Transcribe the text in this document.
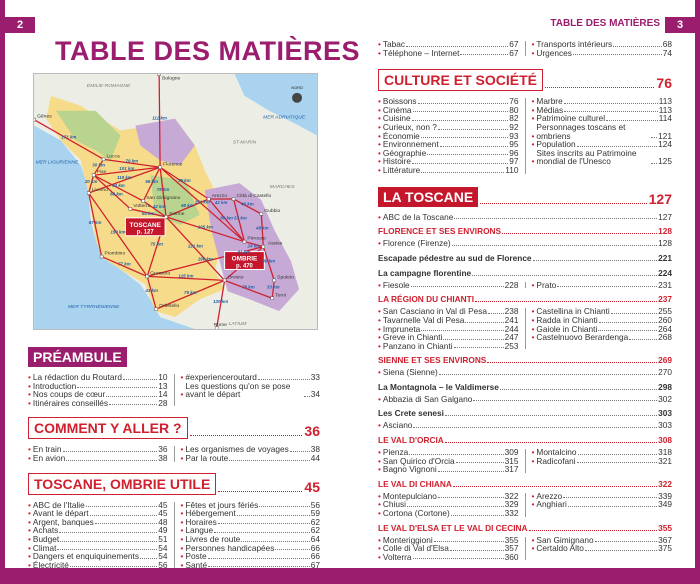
2	3
TABLE DES MATIÈRES
TABLE DES MATIÈRES
TOSCANE
p. 127
OMBRIE
p. 470
NORD
ÉMILIE-ROMAGNE
ST-MARIN
MARCHES
LATIUM
MER LIGURIENNE
MER ADRIATIQUE
MER TYRRHÉNIENNE
Lucca
Florence
Pise
Livorno
San Gimignano
Volterra
Sienne
Arezzo Città di Castello
Gubbio
Pérouse
Assise
Piombino
Grosseto
Orvieto	Spoleto
Terni
Orbetello
Gênes
Bologne
Rome
171 km
79 km
101 km
30 km
20 km
112 km
94 km
118 km
68 km
56 km
78 km
75 km
151 km
68 km
42 km
54 km
42 km
80 km 53 km
40 km
24 km
48 km
105 km
121 km
150 km
87 km
77 km
75 km
196 km
125 km
91 km
43 km	79 km
76 km
46 km
33 km
120 km
PRÉAMBULE
• La rédaction du Routard	10
• Introduction	13
• Nos coups de cœur	14
• Itinéraires conseillés	28
• #experienceroutard	33
•
Les questions qu'on se pose avant le départ	34
COMMENT Y ALLER ?	36
• En train	36
• En avion	38
• Les organismes de voyages	38
• Par la route	44
TOSCANE, OMBRIE UTILE	45
• ABC de l'Italie	45
• Avant le départ	45
• Argent, banques	48
• Achats	49
• Budget	51
• Climat	54
• Dangers et enquiquinements 54
• Électricité	56
• Fêtes et jours fériés	56
• Hébergement	59
• Horaires	62
• Langue	62
• Livres de route	64
• Personnes handicapées	66
• Poste	66
• Santé	67
• Tabac	67
• Téléphone – Internet	67
• Transports intérieurs	68
• Urgences	74
CULTURE ET SOCIÉTÉ	76
• Boissons	76
• Cinéma	80
• Cuisine	82
• Curieux, non ?	92
• Économie	93
• Environnement	95
• Géographie	96
• Histoire	97
• Littérature	110
• Marbre	113
• Médias	113
• Patrimoine culturel	114
•
Personnages toscans et ombriens	121
• Population	124
•
Sites inscrits au Patrimoine mondial de l'Unesco	125
LA TOSCANE	127
• ABC de la Toscane	127
FLORENCE ET SES ENVIRONS	128
• Florence (Firenze)	128
Escapade pédestre au sud de Florence	221
La campagne florentine	224
• Fiesole	228 • Prato	231
LA RÉGION DU CHIANTI	237
• San Casciano in Val di Pesa 238
• Tavarnelle Val di Pesa	241
• Impruneta	244
• Greve in Chianti	247
• Panzano in Chianti	253
• Castellina in Chianti	255
• Radda in Chianti	260
• Gaiole in Chianti	264
• Castelnuovo Berardenga	268
SIENNE ET SES ENVIRONS	269
• Siena (Sienne)	270
La Montagnola – le Valdimerse	298
• Abbazia di San Galgano	302
Les Crete senesi	303
• Asciano	303
LE VAL D'ORCIA	308
• Pienza	309
• San Quirico d'Orcia	315
• Bagno Vignoni	317
• Montalcino	318
• Radicofani	321
LE VAL DI CHIANA	322
• Montepulciano	322
• Chiusi	329
• Cortona (Cortone)	332
• Arezzo	339
• Anghiari	349
LE VAL D'ELSA ET LE VAL DI CECINA	355
• Monteriggioni	355
• Colle di Val d'Elsa	357
• Volterra	360
• San Gimignano	367
• Certaldo Alto	375
